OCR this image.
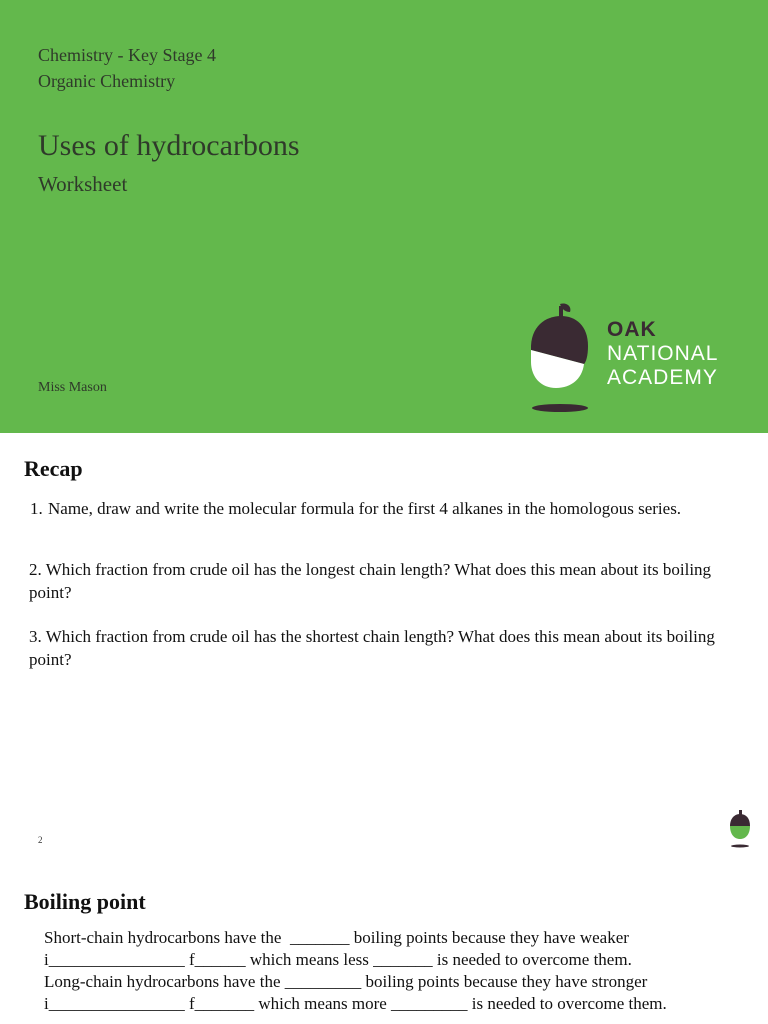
Chemistry - Key Stage 4
Organic Chemistry
Uses of hydrocarbons
Worksheet
Miss Mason
OAK
NATIONAL
ACADEMY
Recap
1. Name, draw and write the molecular formula for the first 4 alkanes in the homologous series.
2. Which fraction from crude oil has the longest chain length? What does this mean about its boiling point?
3. Which fraction from crude oil has the shortest chain length? What does this mean about its boiling point?
2
Boiling point
Short-chain hydrocarbons have the  _______ boiling points because they have weaker
i________________ f______ which means less _______ is needed to overcome them.
Long-chain hydrocarbons have the _________ boiling points because they have stronger
i________________ f_______ which means more _________ is needed to overcome them.
